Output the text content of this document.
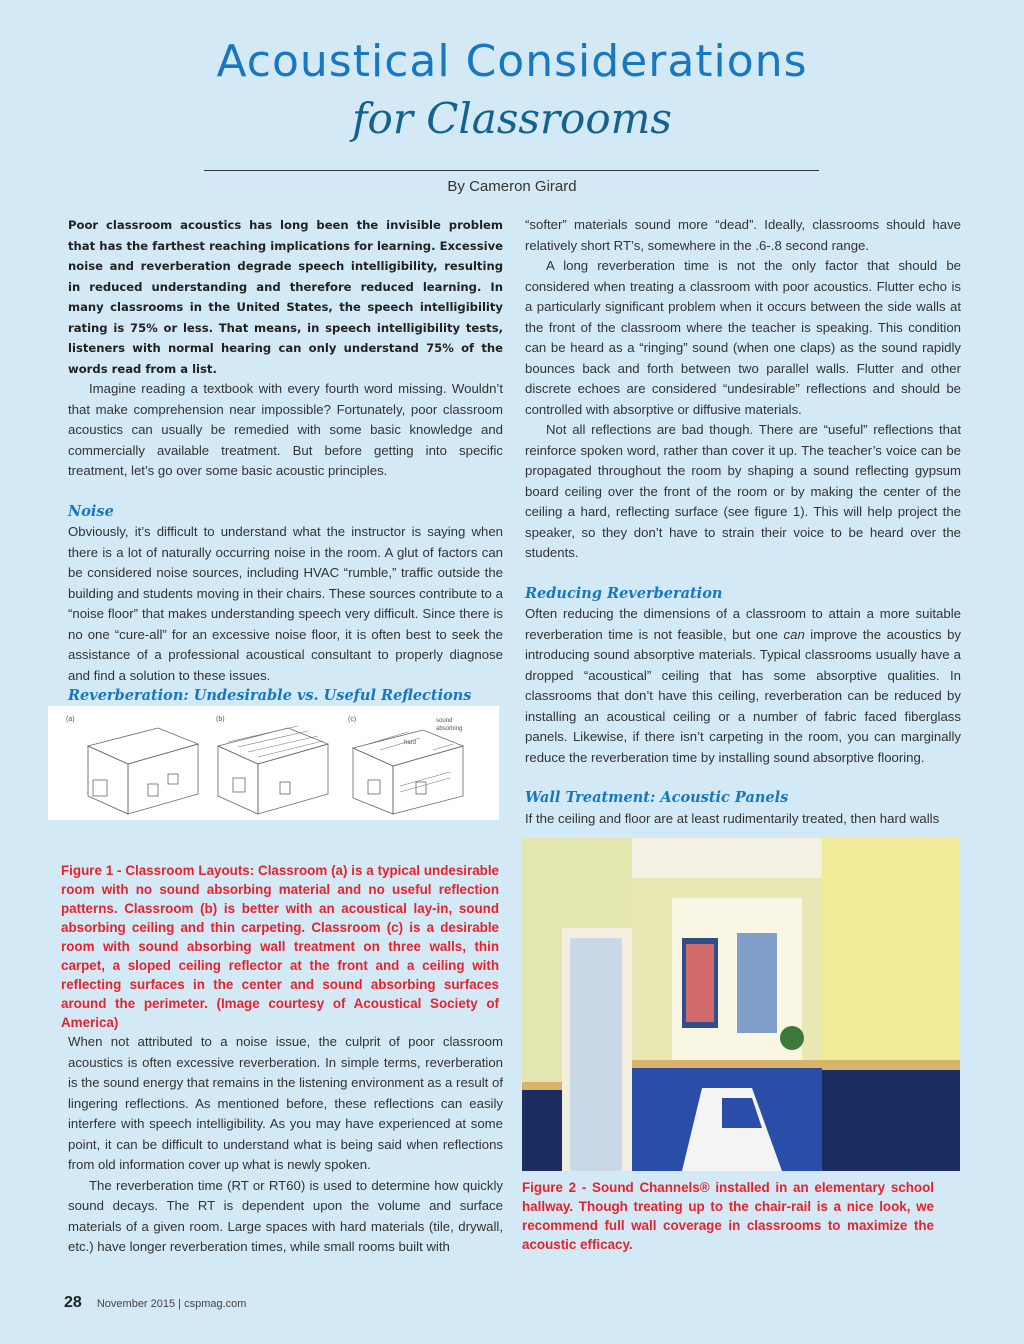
Acoustical Considerations
for Classrooms
By Cameron Girard

Poor classroom acoustics has long been the invisible problem that has the farthest reaching implications for learning. Excessive noise and reverberation degrade speech intelligibility, resulting in reduced understanding and therefore reduced learning. In many classrooms in the United States, the speech intelligibility rating is 75% or less. That means, in speech intelligibility tests, listeners with normal hearing can only understand 75% of the words read from a list.

Imagine reading a textbook with every fourth word missing. Wouldn’t that make comprehension near impossible? Fortunately, poor classroom acoustics can usually be remedied with some basic knowledge and commercially available treatment. But before getting into specific treatment, let’s go over some basic acoustic principles.

Noise

Obviously, it’s difficult to understand what the instructor is saying when there is a lot of naturally occurring noise in the room. A glut of factors can be considered noise sources, including HVAC “rumble,” traffic outside the building and students moving in their chairs. These sources contribute to a “noise floor” that makes understanding speech very difficult. Since there is no one “cure-all” for an excessive noise floor, it is often best to seek the assistance of a professional acoustical consultant to properly diagnose and find a solution to these issues.

Reverberation: Undesirable vs. Useful Reflections
(a)	(b)	(c)	sound
absorbing
hard

Figure 1 - Classroom Layouts: Classroom (a) is a typical undesirable room with no sound absorbing material and no useful reflection patterns. Classroom (b) is better with an acoustical lay-in, sound absorbing ceiling and thin carpeting. Classroom (c) is a desirable room with sound absorbing wall treatment on three walls, thin carpet, a sloped ceiling reflector at the front and a ceiling with reflecting surfaces in the center and sound absorbing surfaces around the perimeter. (Image courtesy of Acoustical Society of America)

When not attributed to a noise issue, the culprit of poor classroom acoustics is often excessive reverberation. In simple terms, reverberation is the sound energy that remains in the listening environment as a result of lingering reflections. As mentioned before, these reflections can easily interfere with speech intelligibility. As you may have experienced at some point, it can be difficult to understand what is being said when reflections from old information cover up what is newly spoken.

The reverberation time (RT or RT60) is used to determine how quickly sound decays. The RT is dependent upon the volume and surface materials of a given room. Large spaces with hard materials (tile, drywall, etc.) have longer reverberation times, while small rooms built with

“softer” materials sound more “dead”. Ideally, classrooms should have relatively short RT’s, somewhere in the .6-.8 second range.

A long reverberation time is not the only factor that should be considered when treating a classroom with poor acoustics. Flutter echo is a particularly significant problem when it occurs between the side walls at the front of the classroom where the teacher is speaking. This condition can be heard as a “ringing” sound (when one claps) as the sound rapidly bounces back and forth between two parallel walls. Flutter and other discrete echoes are considered “undesirable” reflections and should be controlled with absorptive or diffusive materials.

Not all reflections are bad though. There are “useful” reflections that reinforce spoken word, rather than cover it up. The teacher’s voice can be propagated throughout the room by shaping a sound reflecting gypsum board ceiling over the front of the room or by making the center of the ceiling a hard, reflecting surface (see figure 1). This will help project the speaker, so they don’t have to strain their voice to be heard over the students.

Reducing Reverberation

Often reducing the dimensions of a classroom to attain a more suitable reverberation time is not feasible, but one can improve the acoustics by introducing sound absorptive materials. Typical classrooms usually have a dropped “acoustical” ceiling that has some absorptive qualities. In classrooms that don’t have this ceiling, reverberation can be reduced by installing an acoustical ceiling or a number of fabric faced fiberglass panels. Likewise, if there isn’t carpeting in the room, you can marginally reduce the reverberation time by installing sound absorptive flooring.

Wall Treatment: Acoustic Panels

If the ceiling and floor are at least rudimentarily treated, then hard walls

Figure 2 - Sound Channels® installed in an elementary school hallway. Though treating up to the chair-rail is a nice look, we recommend full wall coverage in classrooms to maximize the acoustic efficacy.

28 November 2015 | cspmag.com
